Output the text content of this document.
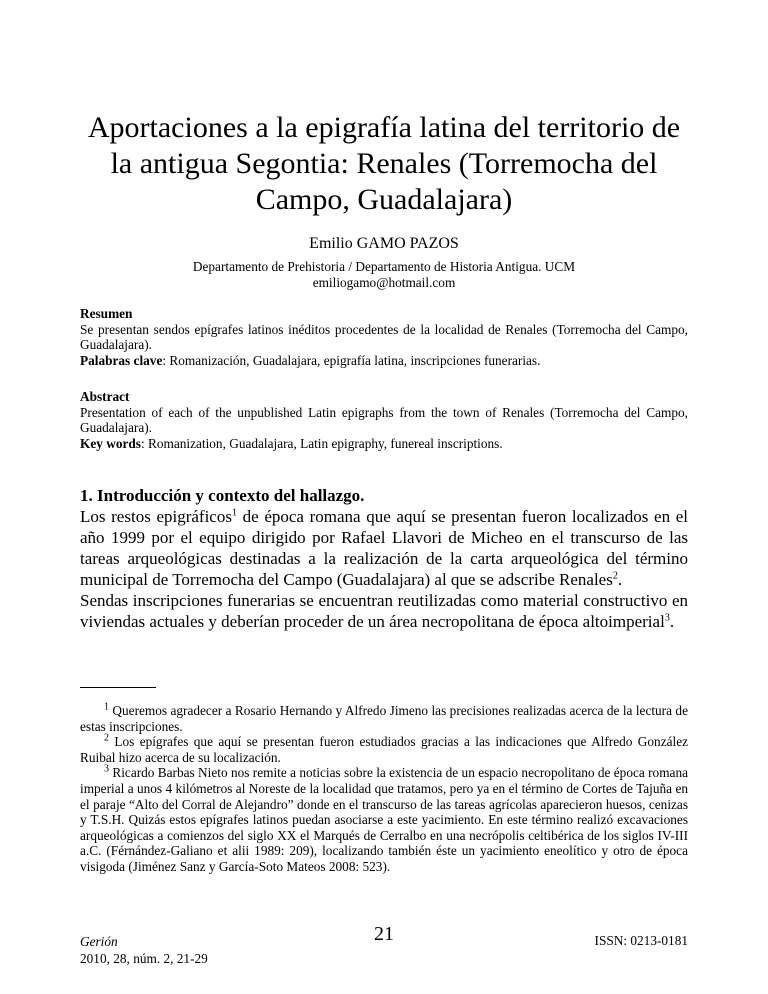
Aportaciones a la epigrafía latina del territorio de la antigua Segontia: Renales (Torremocha del Campo, Guadalajara)
Emilio GAMO PAZOS
Departamento de Prehistoria / Departamento de Historia Antigua. UCM
emiliogamo@hotmail.com
Resumen
Se presentan sendos epígrafes latinos inéditos procedentes de la localidad de Renales (Torremocha del Campo, Guadalajara).
Palabras clave: Romanización, Guadalajara, epigrafía latina, inscripciones funerarias.
Abstract
Presentation of each of the unpublished Latin epigraphs from the town of Renales (Torremocha del Campo, Guadalajara).
Key words: Romanization, Guadalajara, Latin epigraphy, funereal inscriptions.
1. Introducción y contexto del hallazgo.
Los restos epigráficos$^1$ de época romana que aquí se presentan fueron localizados en el año 1999 por el equipo dirigido por Rafael Llavori de Micheo en el transcurso de las tareas arqueológicas destinadas a la realización de la carta arqueológica del término municipal de Torremocha del Campo (Guadalajara) al que se adscribe Renales$^2$.
Sendas inscripciones funerarias se encuentran reutilizadas como material constructivo en viviendas actuales y deberían proceder de un área necropolitana de época altoimperial$^3$.
$^1$ Queremos agradecer a Rosario Hernando y Alfredo Jimeno las precisiones realizadas acerca de la lectura de estas inscripciones.
$^2$ Los epígrafes que aquí se presentan fueron estudiados gracias a las indicaciones que Alfredo González Ruibal hizo acerca de su localización.
$^3$ Ricardo Barbas Nieto nos remite a noticias sobre la existencia de un espacio necropolitano de época romana imperial a unos 4 kilómetros al Noreste de la localidad que tratamos, pero ya en el término de Cortes de Tajuña en el paraje “Alto del Corral de Alejandro” donde en el transcurso de las tareas agrícolas aparecieron huesos, cenizas y T.S.H. Quizás estos epígrafes latinos puedan asociarse a este yacimiento. En este término realizó excavaciones arqueológicas a comienzos del siglo XX el Marqués de Cerralbo en una necrópolis celtibérica de los siglos IV-III a.C. (Férnández-Galiano et alii 1989: 209), localizando también éste un yacimiento eneolítico y otro de época visigoda (Jiménez Sanz y García-Soto Mateos 2008: 523).
Gerión
2010, 28, núm. 2, 21-29
21	ISSN: 0213-0181
